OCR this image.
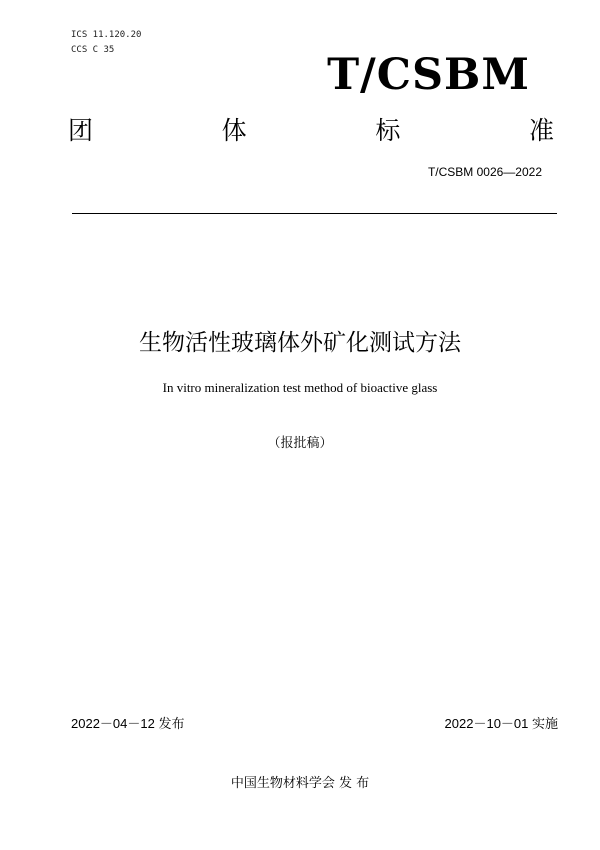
ICS 11.120.20
CCS C 35	T/CSBM
团	体	标	准
T/CSBM 0026—2022
生物活性玻璃体外矿化测试方法
In vitro mineralization test method of bioactive glass
（报批稿）
2022－04－12 发布	2022－10－01 实施
中国生物材料学会 发 布
